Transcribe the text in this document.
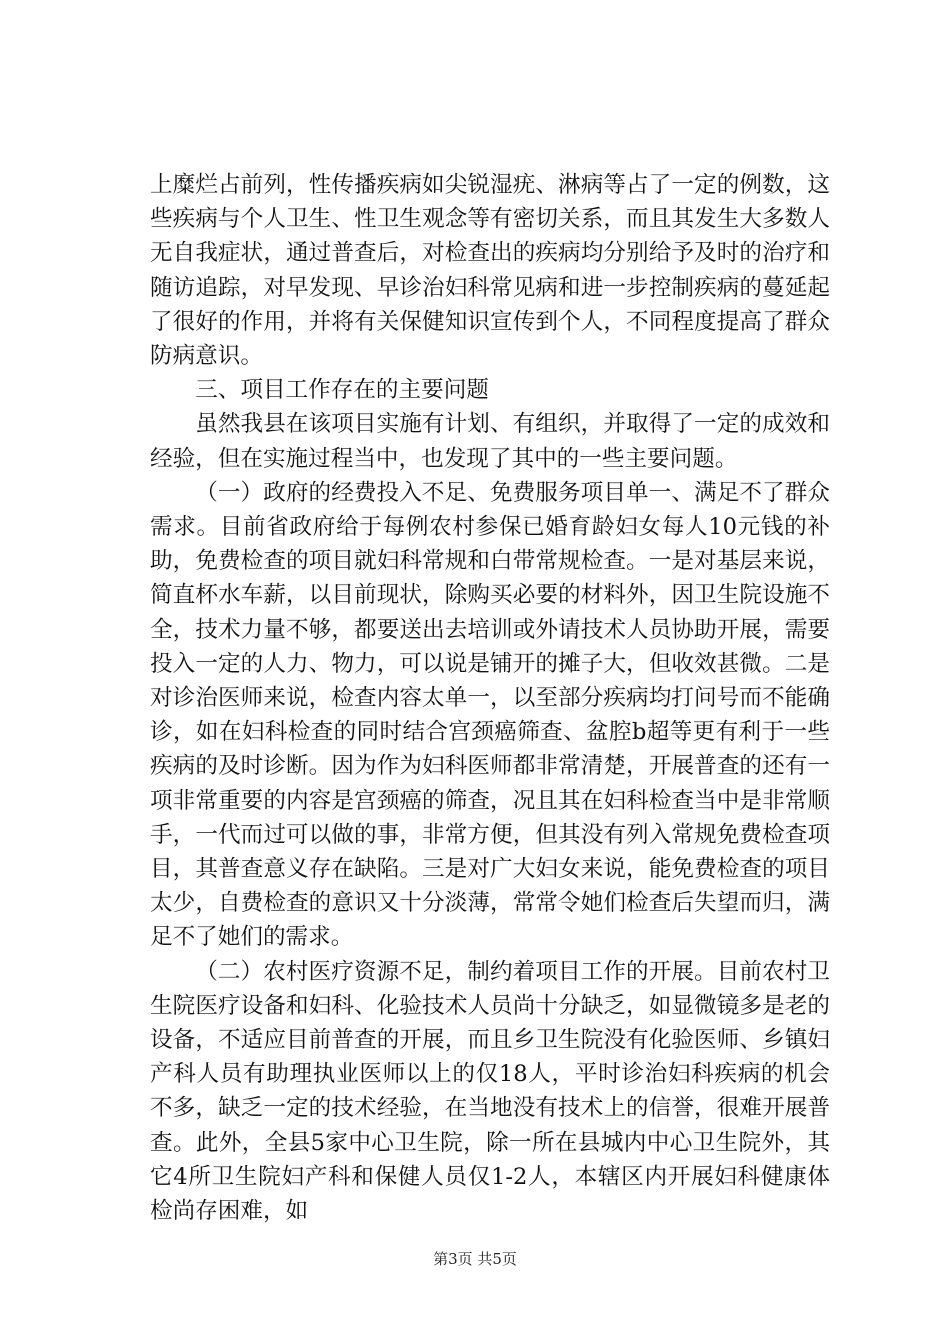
上糜烂占前列，性传播疾病如尖锐湿疣、淋病等占了一定的例数，这些疾病与个人卫生、性卫生观念等有密切关系，而且其发生大多数人无自我症状，通过普查后，对检查出的疾病均分别给予及时的治疗和随访追踪，对早发现、早诊治妇科常见病和进一步控制疾病的蔓延起了很好的作用，并将有关保健知识宣传到个人，不同程度提高了群众防病意识。

三、项目工作存在的主要问题

虽然我县在该项目实施有计划、有组织，并取得了一定的成效和经验，但在实施过程当中，也发现了其中的一些主要问题。

（一）政府的经费投入不足、免费服务项目单一、满足不了群众需求。目前省政府给于每例农村参保已婚育龄妇女每人10元钱的补助，免费检查的项目就妇科常规和白带常规检查。一是对基层来说，简直杯水车薪，以目前现状，除购买必要的材料外，因卫生院设施不全，技术力量不够，都要送出去培训或外请技术人员协助开展，需要投入一定的人力、物力，可以说是铺开的摊子大，但收效甚微。二是对诊治医师来说，检查内容太单一，以至部分疾病均打问号而不能确诊，如在妇科检查的同时结合宫颈癌筛查、盆腔b超等更有利于一些疾病的及时诊断。因为作为妇科医师都非常清楚，开展普查的还有一项非常重要的内容是宫颈癌的筛查，况且其在妇科检查当中是非常顺手，一代而过可以做的事，非常方便，但其没有列入常规免费检查项目，其普查意义存在缺陷。三是对广大妇女来说，能免费检查的项目太少，自费检查的意识又十分淡薄，常常令她们检查后失望而归，满足不了她们的需求。

（二）农村医疗资源不足，制约着项目工作的开展。目前农村卫生院医疗设备和妇科、化验技术人员尚十分缺乏，如显微镜多是老的设备，不适应目前普查的开展，而且乡卫生院没有化验医师、乡镇妇产科人员有助理执业医师以上的仅18人，平时诊治妇科疾病的机会不多，缺乏一定的技术经验，在当地没有技术上的信誉，很难开展普查。此外，全县5家中心卫生院，除一所在县城内中心卫生院外，其它4所卫生院妇产科和保健人员仅1-2人，本辖区内开展妇科健康体检尚存困难，如

第3页 共5页
